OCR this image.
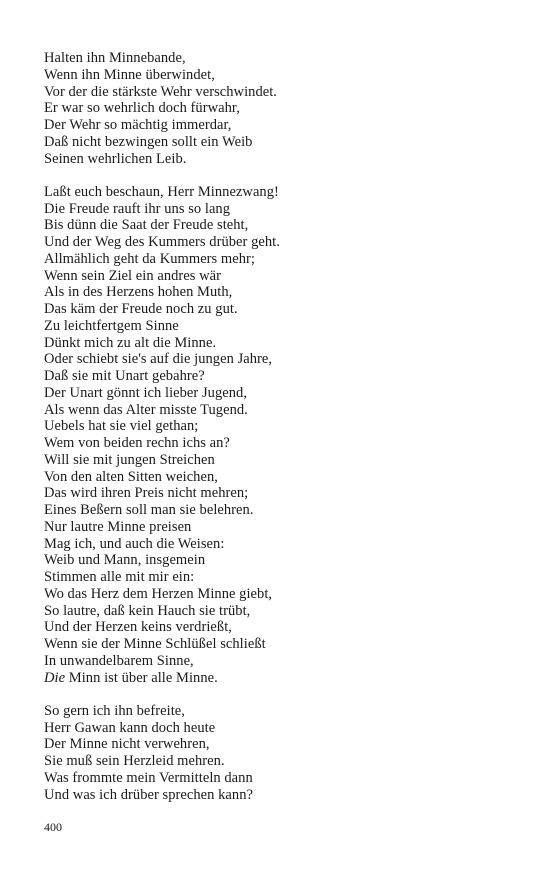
Halten ihn Minnebande,
Wenn ihn Minne überwindet,
Vor der die stärkste Wehr verschwindet.
Er war so wehrlich doch fürwahr,
Der Wehr so mächtig immerdar,
Daß nicht bezwingen sollt ein Weib
Seinen wehrlichen Leib.
Laßt euch beschaun, Herr Minnezwang!
Die Freude rauft ihr uns so lang
Bis dünn die Saat der Freude steht,
Und der Weg des Kummers drüber geht.
Allmählich geht da Kummers mehr;
Wenn sein Ziel ein andres wär
Als in des Herzens hohen Muth,
Das käm der Freude noch zu gut.
Zu leichtfertgem Sinne
Dünkt mich zu alt die Minne.
Oder schiebt sie's auf die jungen Jahre,
Daß sie mit Unart gebahre?
Der Unart gönnt ich lieber Jugend,
Als wenn das Alter misste Tugend.
Uebels hat sie viel gethan;
Wem von beiden rechn ichs an?
Will sie mit jungen Streichen
Von den alten Sitten weichen,
Das wird ihren Preis nicht mehren;
Eines Beßern soll man sie belehren.
Nur lautre Minne preisen
Mag ich, und auch die Weisen:
Weib und Mann, insgemein
Stimmen alle mit mir ein:
Wo das Herz dem Herzen Minne giebt,
So lautre, daß kein Hauch sie trübt,
Und der Herzen keins verdrießt,
Wenn sie der Minne Schlüßel schließt
In unwandelbarem Sinne,
Die Minn ist über alle Minne.
So gern ich ihn befreite,
Herr Gawan kann doch heute
Der Minne nicht verwehren,
Sie muß sein Herzleid mehren.
Was frommte mein Vermitteln dann
Und was ich drüber sprechen kann?
400
